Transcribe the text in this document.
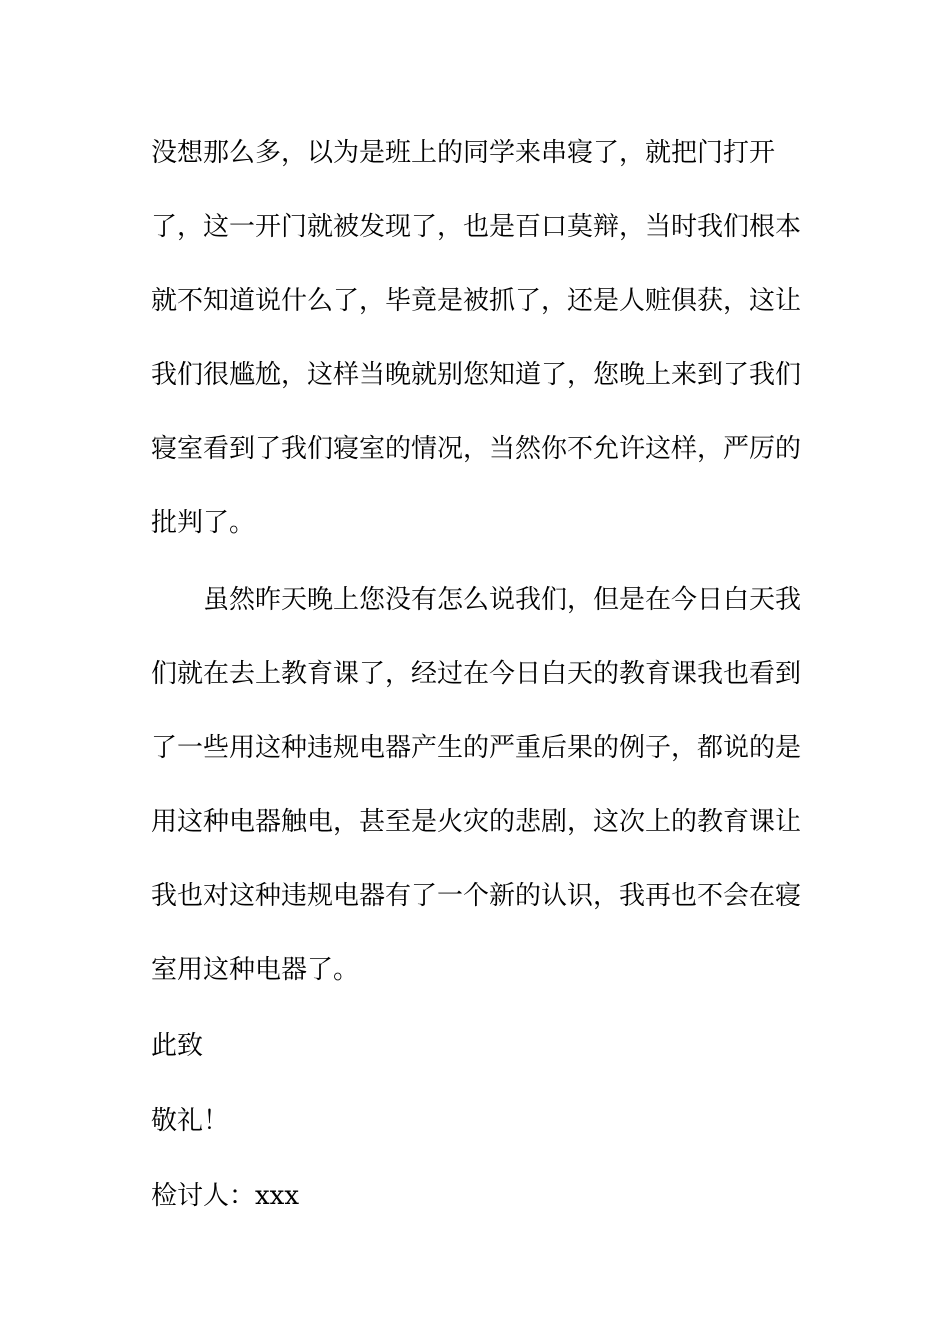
没想那么多，以为是班上的同学来串寝了，就把门打开
了，这一开门就被发现了，也是百口莫辩，当时我们根本
就不知道说什么了，毕竟是被抓了，还是人赃俱获，这让
我们很尴尬，这样当晚就别您知道了，您晚上来到了我们
寝室看到了我们寝室的情况，当然你不允许这样，严厉的
批判了。
虽然昨天晚上您没有怎么说我们，但是在今日白天我
们就在去上教育课了，经过在今日白天的教育课我也看到
了一些用这种违规电器产生的严重后果的例子，都说的是
用这种电器触电，甚至是火灾的悲剧，这次上的教育课让
我也对这种违规电器有了一个新的认识，我再也不会在寝
室用这种电器了。
此致
敬礼！
检讨人：xxx
